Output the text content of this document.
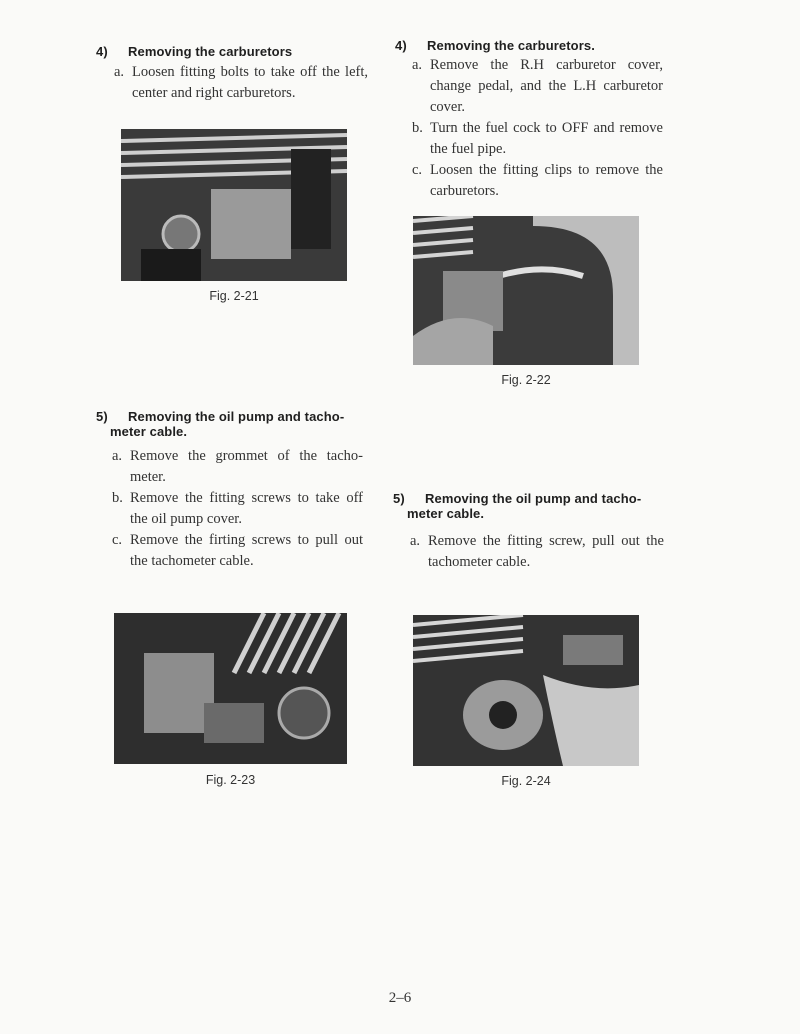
4) Removing the carburetors
a. Loosen fitting bolts to take off the left, center and right carburetors.
Fig. 2-21
5) Removing the oil pump and tacho-
meter cable.
a. Remove the grommet of the tacho-meter.
b. Remove the fitting screws to take off the oil pump cover.
c. Remove the firting screws to pull out the tachometer cable.
Fig. 2-23
4) Removing the carburetors.
a. Remove the R.H carburetor cover, change pedal, and the L.H carburetor cover.
b. Turn the fuel cock to OFF and remove the fuel pipe.
c. Loosen the fitting clips to remove the carburetors.
Fig. 2-22
5) Removing the oil pump and tacho-
meter cable.
a. Remove the fitting screw, pull out the tachometer cable.
Fig. 2-24
2–6
